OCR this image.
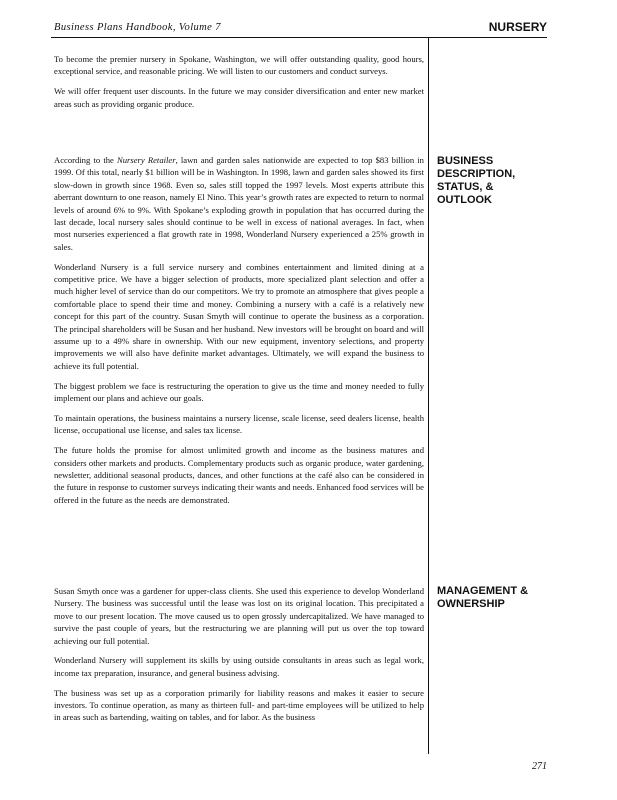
Business Plans Handbook, Volume 7	NURSERY

To become the premier nursery in Spokane, Washington, we will offer outstanding quality, good hours, exceptional service, and reasonable pricing. We will listen to our customers and conduct surveys.

We will offer frequent user discounts. In the future we may consider diversification and enter new market areas such as providing organic produce.

BUSINESS
DESCRIPTION,
STATUS, &
OUTLOOK

According to the Nursery Retailer, lawn and garden sales nationwide are expected to top $83 billion in 1999. Of this total, nearly $1 billion will be in Washington. In 1998, lawn and garden sales showed its first slow-down in growth since 1968. Even so, sales still topped the 1997 levels. Most experts attribute this aberrant downturn to one reason, namely El Nino. This year’s growth rates are expected to return to normal levels of around 6% to 9%. With Spokane’s exploding growth in population that has occurred during the last decade, local nursery sales should continue to be well in excess of national averages. In fact, when most nurseries experienced a flat growth rate in 1998, Wonderland Nursery experienced a 25% growth in sales.

Wonderland Nursery is a full service nursery and combines entertainment and limited dining at a competitive price. We have a bigger selection of products, more specialized plant selection and offer a much higher level of service than do our competitors. We try to promote an atmosphere that gives people a comfortable place to spend their time and money. Combining a nursery with a café is a relatively new concept for this part of the country. Susan Smyth will continue to operate the business as a corporation. The principal shareholders will be Susan and her husband. New investors will be brought on board and will assume up to a 49% share in ownership. With our new equipment, inventory selections, and property improvements we will also have definite market advantages. Ultimately, we will expand the business to achieve its full potential.

The biggest problem we face is restructuring the operation to give us the time and money needed to fully implement our plans and achieve our goals.

To maintain operations, the business maintains a nursery license, scale license, seed dealers license, health license, occupational use license, and sales tax license.

The future holds the promise for almost unlimited growth and income as the business matures and considers other markets and products. Complementary products such as organic produce, water gardening, newsletter, additional seasonal products, dances, and other functions at the café also can be considered in the future in response to customer surveys indicating their wants and needs. Enhanced food services will be offered in the future as the needs are demonstrated.

MANAGEMENT &
OWNERSHIP

Susan Smyth once was a gardener for upper-class clients. She used this experience to develop Wonderland Nursery. The business was successful until the lease was lost on its original location. This precipitated a move to our present location. The move caused us to open grossly undercapitalized. We have managed to survive the past couple of years, but the restructuring we are planning will put us over the top toward achieving our full potential.

Wonderland Nursery will supplement its skills by using outside consultants in areas such as legal work, income tax preparation, insurance, and general business advising.

The business was set up as a corporation primarily for liability reasons and makes it easier to secure investors. To continue operation, as many as thirteen full- and part-time employees will be utilized to help in areas such as bartending, waiting on tables, and for labor. As the business

271
